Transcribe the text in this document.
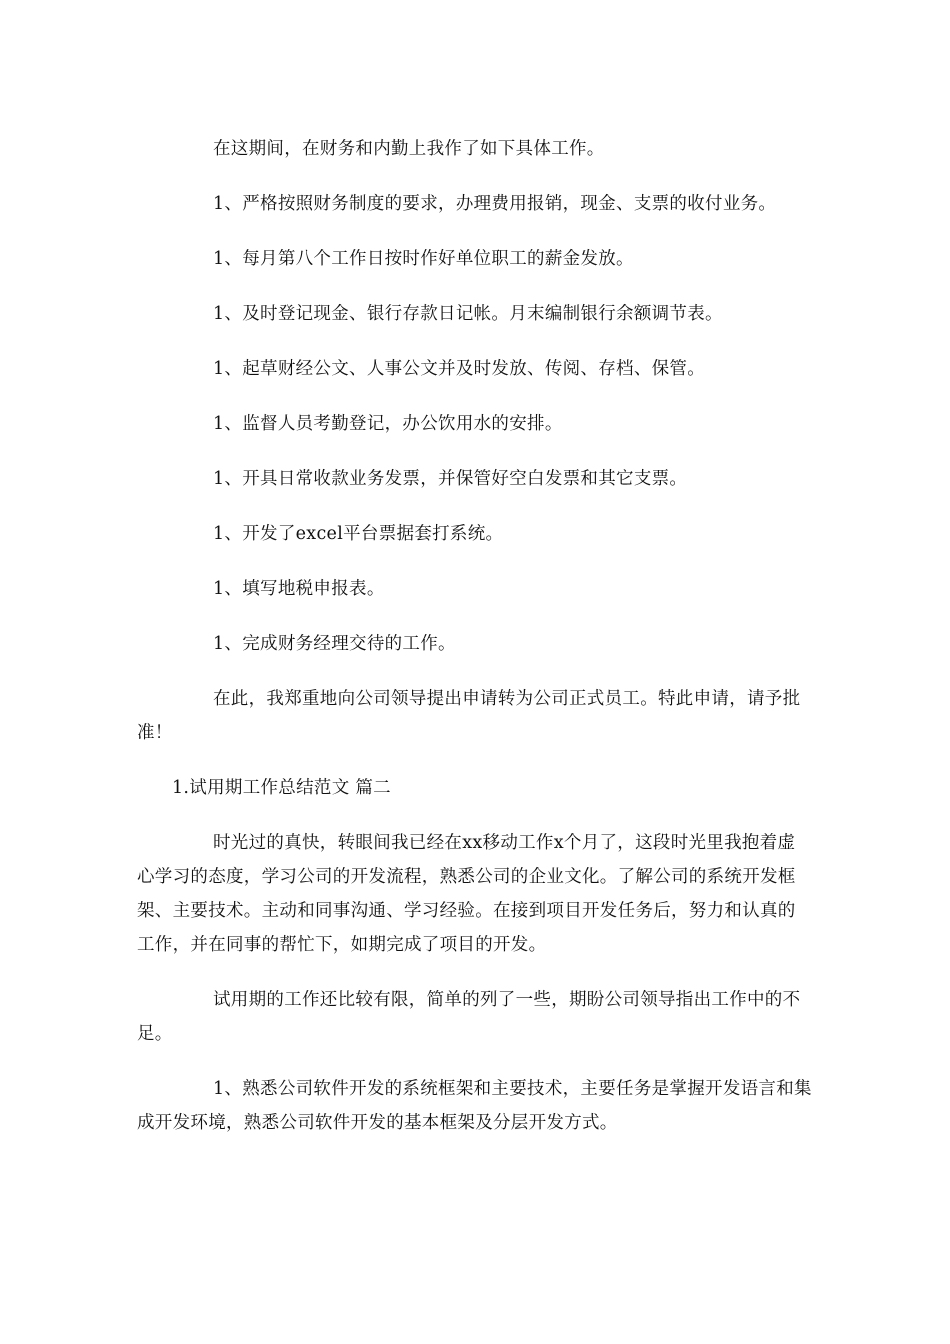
在这期间，在财务和内勤上我作了如下具体工作。

1、严格按照财务制度的要求，办理费用报销，现金、支票的收付业务。

1、每月第八个工作日按时作好单位职工的薪金发放。

1、及时登记现金、银行存款日记帐。月末编制银行余额调节表。

1、起草财经公文、人事公文并及时发放、传阅、存档、保管。

1、监督人员考勤登记，办公饮用水的安排。

1、开具日常收款业务发票，并保管好空白发票和其它支票。

1、开发了excel平台票据套打系统。

1、填写地税申报表。

1、完成财务经理交待的工作。

在此，我郑重地向公司领导提出申请转为公司正式员工。特此申请，请予批准！

1.试用期工作总结范文 篇二

时光过的真快，转眼间我已经在xx移动工作x个月了，这段时光里我抱着虚心学习的态度，学习公司的开发流程，熟悉公司的企业文化。了解公司的系统开发框架、主要技术。主动和同事沟通、学习经验。在接到项目开发任务后，努力和认真的工作，并在同事的帮忙下，如期完成了项目的开发。

试用期的工作还比较有限，简单的列了一些，期盼公司领导指出工作中的不足。

1、熟悉公司软件开发的系统框架和主要技术，主要任务是掌握开发语言和集成开发环境，熟悉公司软件开发的基本框架及分层开发方式。
